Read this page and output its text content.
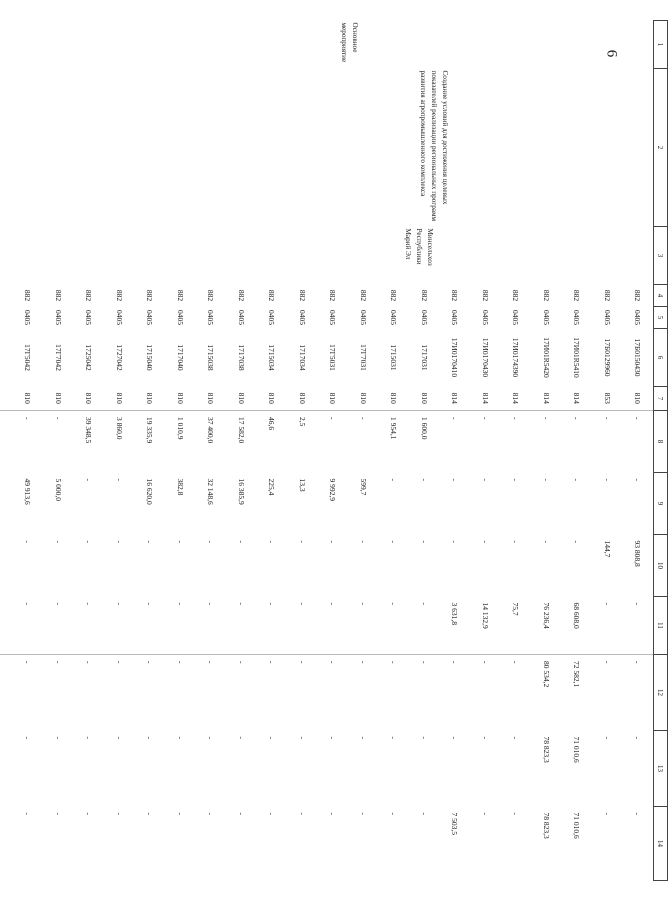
6
1	2	3	4	5	6	7	8	9	10	11	12	13	14

Основное мероприятие	Создание условий для достижения целевых показателей реализации региональных программ развития агропромышленного комплекса	Минсельхоз Республики Марий Эл	882	0405	17Б0150430	810	-	-	93 808,8	-	-	-	-
			882	0405	17Б0129960	853	-	-	144,7	-	-	-	-
			882	0405	17И01R5410	814	-	-	-	68 608,0	72 582,1	71 010,6	71 010,6
			882	0405	17И01R5420	814	-	-	-	76 236,4	80 534,2	78 823,3	78 823,3
			882	0405	17И0174390	814	-	-	-	75,7	-	-	-
			882	0405	17И0170430	814	-	-	-	14 132,9	-	-	-
			882	0405	17И0170410	814	-	-	-	3 631,8	-	-	7 503,5
			882	0405	1717031	810	1 600,0	-	-	-	-	-	-
			882	0405	1715031	810	1 954,1	-	-	-	-	-	-
			882	0405	17Г7031	810	-	599,7	-	-	-	-	-
			882	0405	17Г5031	810	-	9 992,9	-	-	-	-	-
			882	0405	1717034	810	2,5	13,3	-	-	-	-	-
			882	0405	1715034	810	46,6	225,4	-	-	-	-	-
			882	0405	1717038	810	17 582,0	16 385,9	-	-	-	-	-
			882	0405	1715038	810	37 400,0	32 148,6	-	-	-	-	-
			882	0405	1717040	810	1 010,9	382,8	-	-	-	-	-
			882	0405	1715040	810	19 335,9	16 620,0	-	-	-	-	-
			882	0405	1727042	810	3 860,0	-	-	-	-	-	-
			882	0405	1725042	810	39 348,5	-	-	-	-	-	-
			882	0405	17Г7042	810	-	5 000,0	-	-	-	-	-
			882	0405	17Г5042	810	-	49 913,6	-	-	-	-	-
